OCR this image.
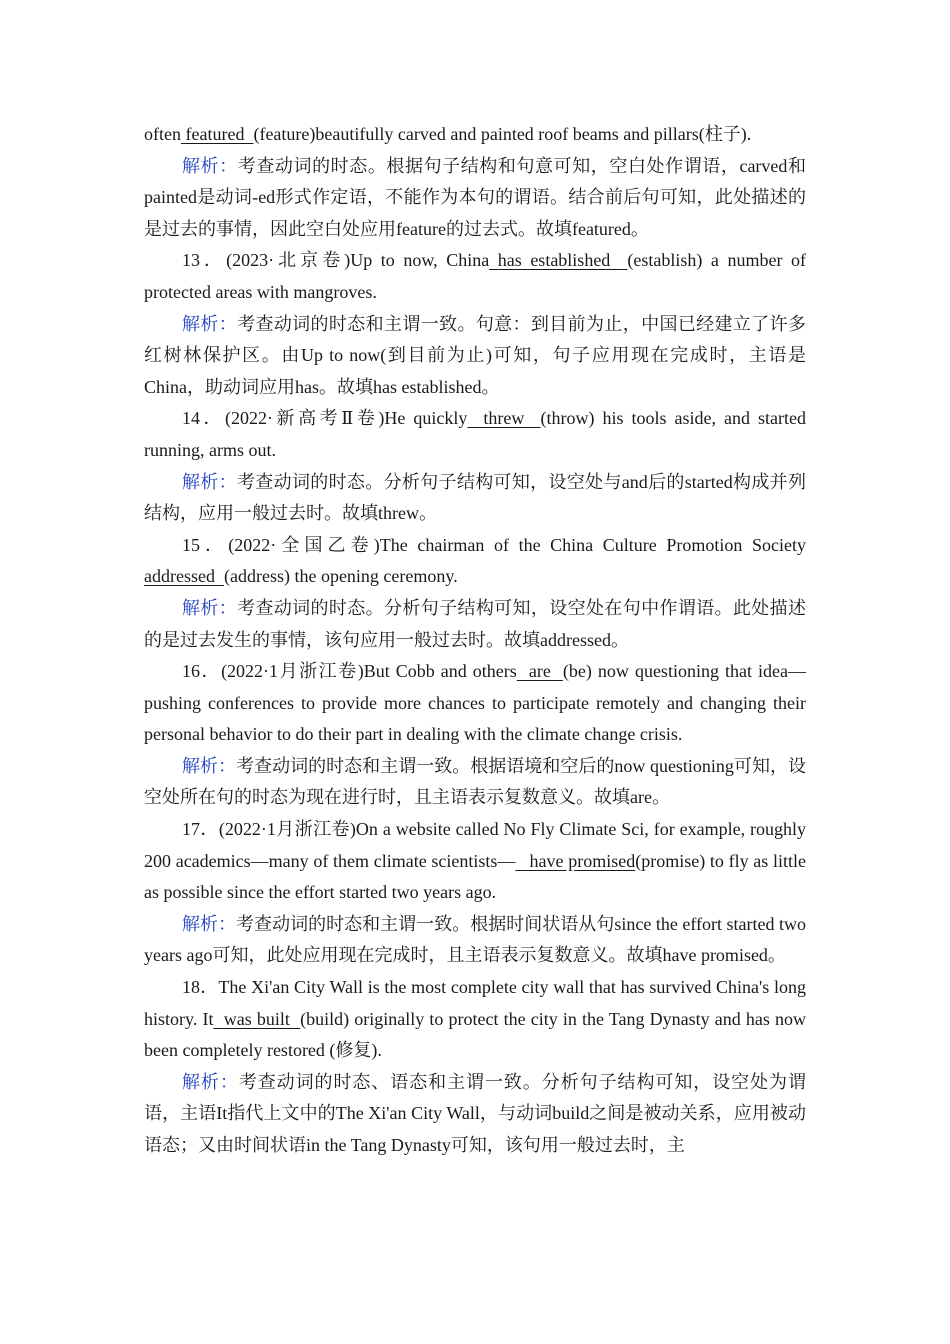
often featured  (feature)beautifully carved and painted roof beams and pillars(柱子).

解析：考查动词的时态。根据句子结构和句意可知，空白处作谓语，carved和painted是动词-ed形式作定语，不能作为本句的谓语。结合前后句可知，此处描述的是过去的事情，因此空白处应用feature的过去式。故填featured。

13．(2023·北京卷)Up to now, China has established  (establish) a number of protected areas with mangroves.

解析：考查动词的时态和主谓一致。句意：到目前为止，中国已经建立了许多红树林保护区。由Up to now(到目前为止)可知，句子应用现在完成时，主语是China，助动词应用has。故填has established。

14．(2022·新高考Ⅱ卷)He quickly  threw  (throw) his tools aside, and started running, arms out.

解析：考查动词的时态。分析句子结构可知，设空处与and后的started构成并列结构，应用一般过去时。故填threw。

15．(2022·全国乙卷)The chairman of the China Culture Promotion Society addressed  (address) the opening ceremony.

解析：考查动词的时态。分析句子结构可知，设空处在句中作谓语。此处描述的是过去发生的事情，该句应用一般过去时。故填addressed。

16．(2022·1月浙江卷)But Cobb and others  are  (be) now questioning that idea—pushing conferences to provide more chances to participate remotely and changing their personal behavior to do their part in dealing with the climate change crisis.

解析：考查动词的时态和主谓一致。根据语境和空后的now questioning可知，设空处所在句的时态为现在进行时，且主语表示复数意义。故填are。

17．(2022·1月浙江卷)On a website called No Fly Climate Sci, for example, roughly 200 academics—many of them climate scientists—   have promised(promise) to fly as little as possible since the effort started two years ago.

解析：考查动词的时态和主谓一致。根据时间状语从句since the effort started two years ago可知，此处应用现在完成时，且主语表示复数意义。故填have promised。

18．The Xi'an City Wall is the most complete city wall that has survived China's long history. It  was built  (build) originally to protect the city in the Tang Dynasty and has now been completely restored (修复).

解析：考查动词的时态、语态和主谓一致。分析句子结构可知，设空处为谓语，主语It指代上文中的The Xi'an City Wall，与动词build之间是被动关系，应用被动语态；又由时间状语in the Tang Dynasty可知，该句用一般过去时，主
